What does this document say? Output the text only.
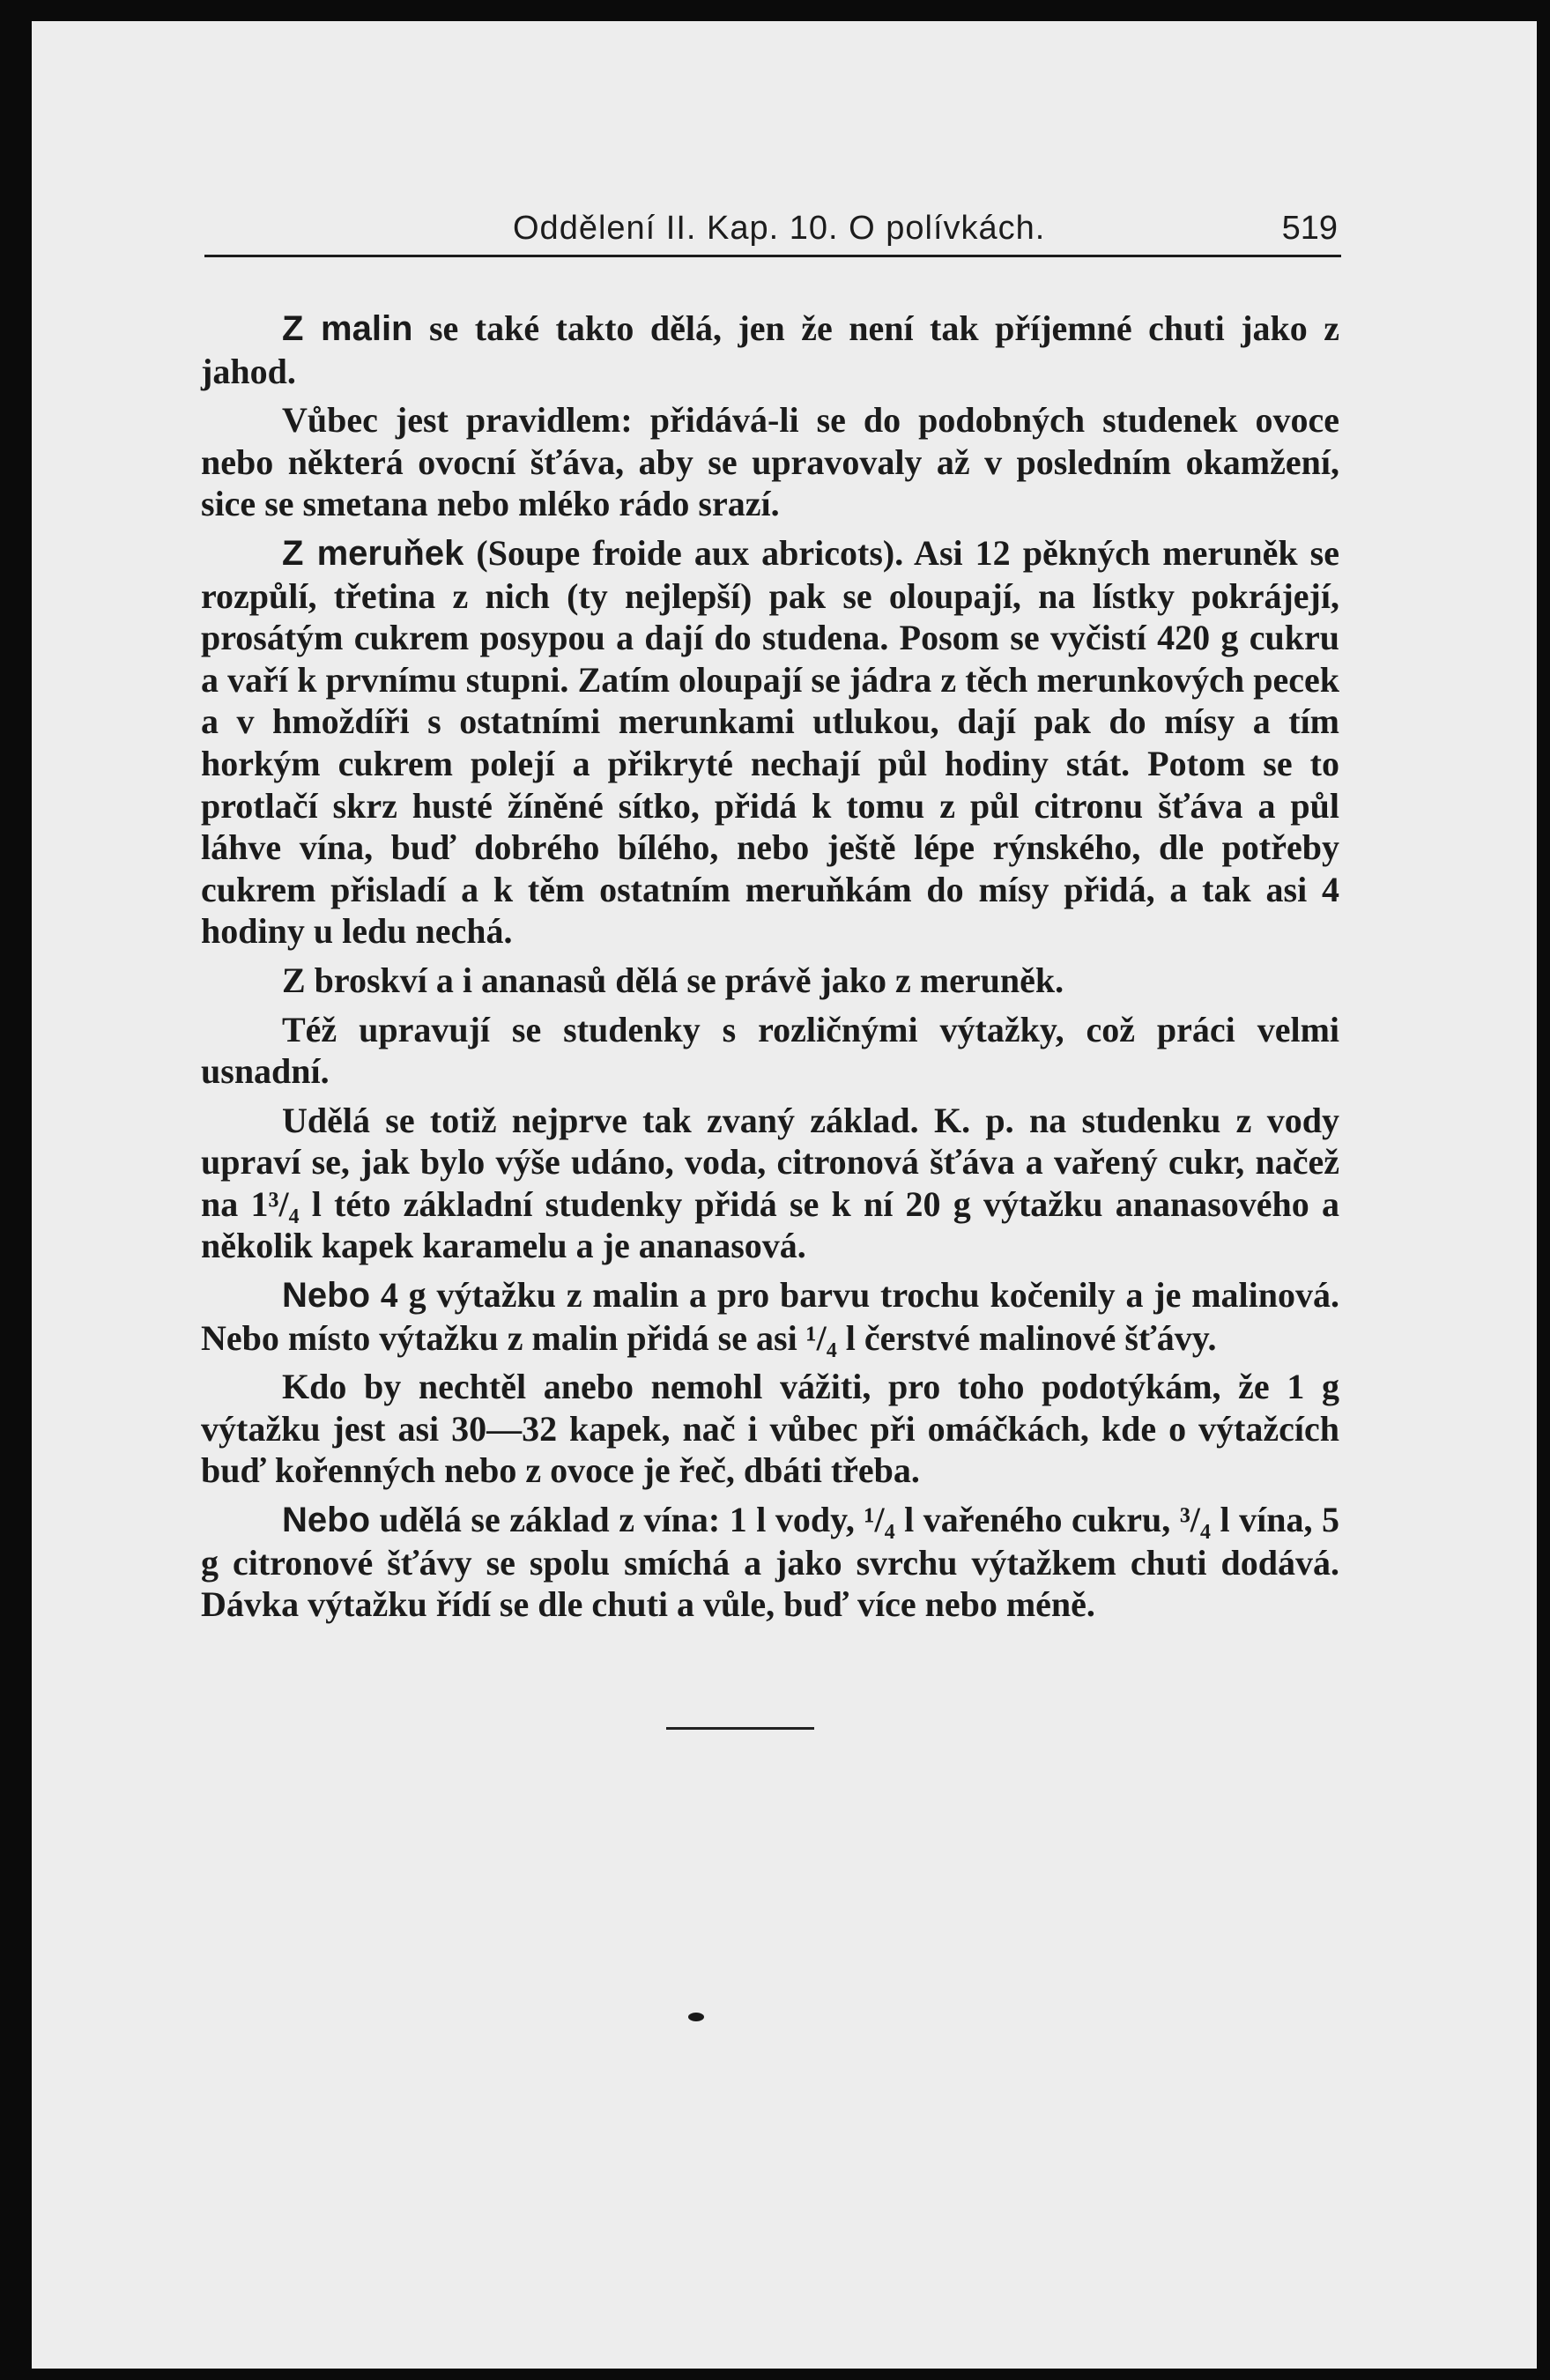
Oddělení II. Kap. 10. O polívkách.	519

Z malin se také takto dělá, jen že není tak příjemné chuti jako z jahod.

Vůbec jest pravidlem: přidává-li se do podobných studenek ovoce nebo některá ovocní šťáva, aby se upravovaly až v posledním okamžení, sice se smetana nebo mléko rádo srazí.

Z meruňek (Soupe froide aux abricots). Asi 12 pěkných meruněk se rozpůlí, třetina z nich (ty nejlepší) pak se oloupají, na lístky pokrájejí, prosátým cukrem posypou a dají do studena. Posom se vyčistí 420 g cukru a vaří k prvnímu stupni. Zatím oloupají se jádra z těch merunkových pecek a v hmoždíři s ostatními merunkami utlukou, dají pak do mísy a tím horkým cukrem polejí a přikryté nechají půl hodiny stát. Potom se to protlačí skrz husté žíněné sítko, přidá k tomu z půl citronu šťáva a půl láhve vína, buď dobrého bílého, nebo ještě lépe rýnského, dle potřeby cukrem přisladí a k těm ostatním meruňkám do mísy přidá, a tak asi 4 hodiny u ledu nechá.

Z broskví a i ananasů dělá se právě jako z meruněk.

Též upravují se studenky s rozličnými výtažky, což práci velmi usnadní.

Udělá se totiž nejprve tak zvaný základ. K. p. na studenku z vody upraví se, jak bylo výše udáno, voda, citronová šťáva a vařený cukr, načež na 1³/₄ l této základní studenky přidá se k ní 20 g výtažku ananasového a několik kapek karamelu a je ananasová.

Nebo 4 g výtažku z malin a pro barvu trochu kočenily a je malinová. Nebo místo výtažku z malin přidá se asi ¹/₄ l čerstvé malinové šťávy.

Kdo by nechtěl anebo nemohl vážiti, pro toho podotýkám, že 1 g výtažku jest asi 30—32 kapek, nač i vůbec při omáčkách, kde o výtažcích buď kořenných nebo z ovoce je řeč, dbáti třeba.

Nebo udělá se základ z vína: 1 l vody, ¹/₄ l vařeného cukru, ³/₄ l vína, 5 g citronové šťávy se spolu smíchá a jako svrchu výtažkem chuti dodává. Dávka výtažku řídí se dle chuti a vůle, buď více nebo méně.
